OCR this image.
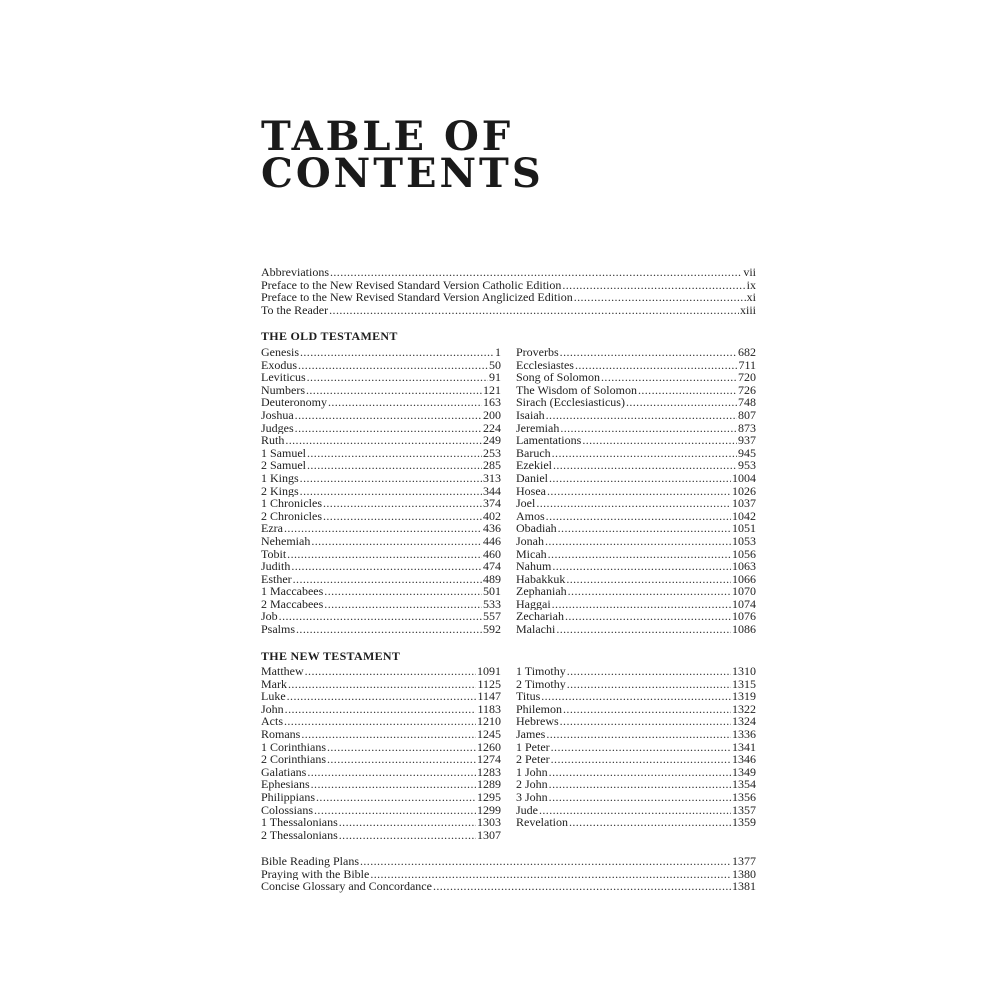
TABLE OF
CONTENTS
Abbreviations . . .	vii
Preface to the New Revised Standard Version Catholic Edition . . .	ix
Preface to the New Revised Standard Version Anglicized Edition . . .	xi
To the Reader . . .	xiii
THE OLD TESTAMENT
Genesis . . .	1
Exodus . . .	50
Leviticus . . .	91
Numbers . . .	121
Deuteronomy . . .	163
Joshua . . .	200
Judges . . .	224
Ruth . . .	249
1 Samuel . . .	253
2 Samuel . . .	285
1 Kings . . .	313
2 Kings . . .	344
1 Chronicles . . .	374
2 Chronicles . . .	402
Ezra . . .	436
Nehemiah . . .	446
Tobit . . .	460
Judith . . .	474
Esther . . .	489
1 Maccabees . . .	501
2 Maccabees . . .	533
Job . . .	557
Psalms . . .	592
Proverbs . . .	682
Ecclesiastes . . .	711
Song of Solomon . . .	720
The Wisdom of Solomon . . .	726
Sirach (Ecclesiasticus) . . .	748
Isaiah . . .	807
Jeremiah . . .	873
Lamentations . . .	937
Baruch . . .	945
Ezekiel . . .	953
Daniel . . .	1004
Hosea . . .	1026
Joel . . .	1037
Amos . . .	1042
Obadiah . . .	1051
Jonah . . .	1053
Micah . . .	1056
Nahum . . .	1063
Habakkuk . . .	1066
Zephaniah . . .	1070
Haggai . . .	1074
Zechariah . . .	1076
Malachi . . .	1086
THE NEW TESTAMENT
Matthew . . .	1091
Mark . . .	1125
Luke . . .	1147
John . . .	1183
Acts . . .	1210
Romans . . .	1245
1 Corinthians . . .	1260
2 Corinthians . . .	1274
Galatians . . .	1283
Ephesians . . .	1289
Philippians . . .	1295
Colossians . . .	1299
1 Thessalonians . . .	1303
2 Thessalonians . . .	1307
1 Timothy . . .	1310
2 Timothy . . .	1315
Titus . . .	1319
Philemon . . .	1322
Hebrews . . .	1324
James . . .	1336
1 Peter . . .	1341
2 Peter . . .	1346
1 John . . .	1349
2 John . . .	1354
3 John . . .	1356
Jude . . .	1357
Revelation . . .	1359
Bible Reading Plans . . .	1377
Praying with the Bible . . .	1380
Concise Glossary and Concordance . . .	1381
